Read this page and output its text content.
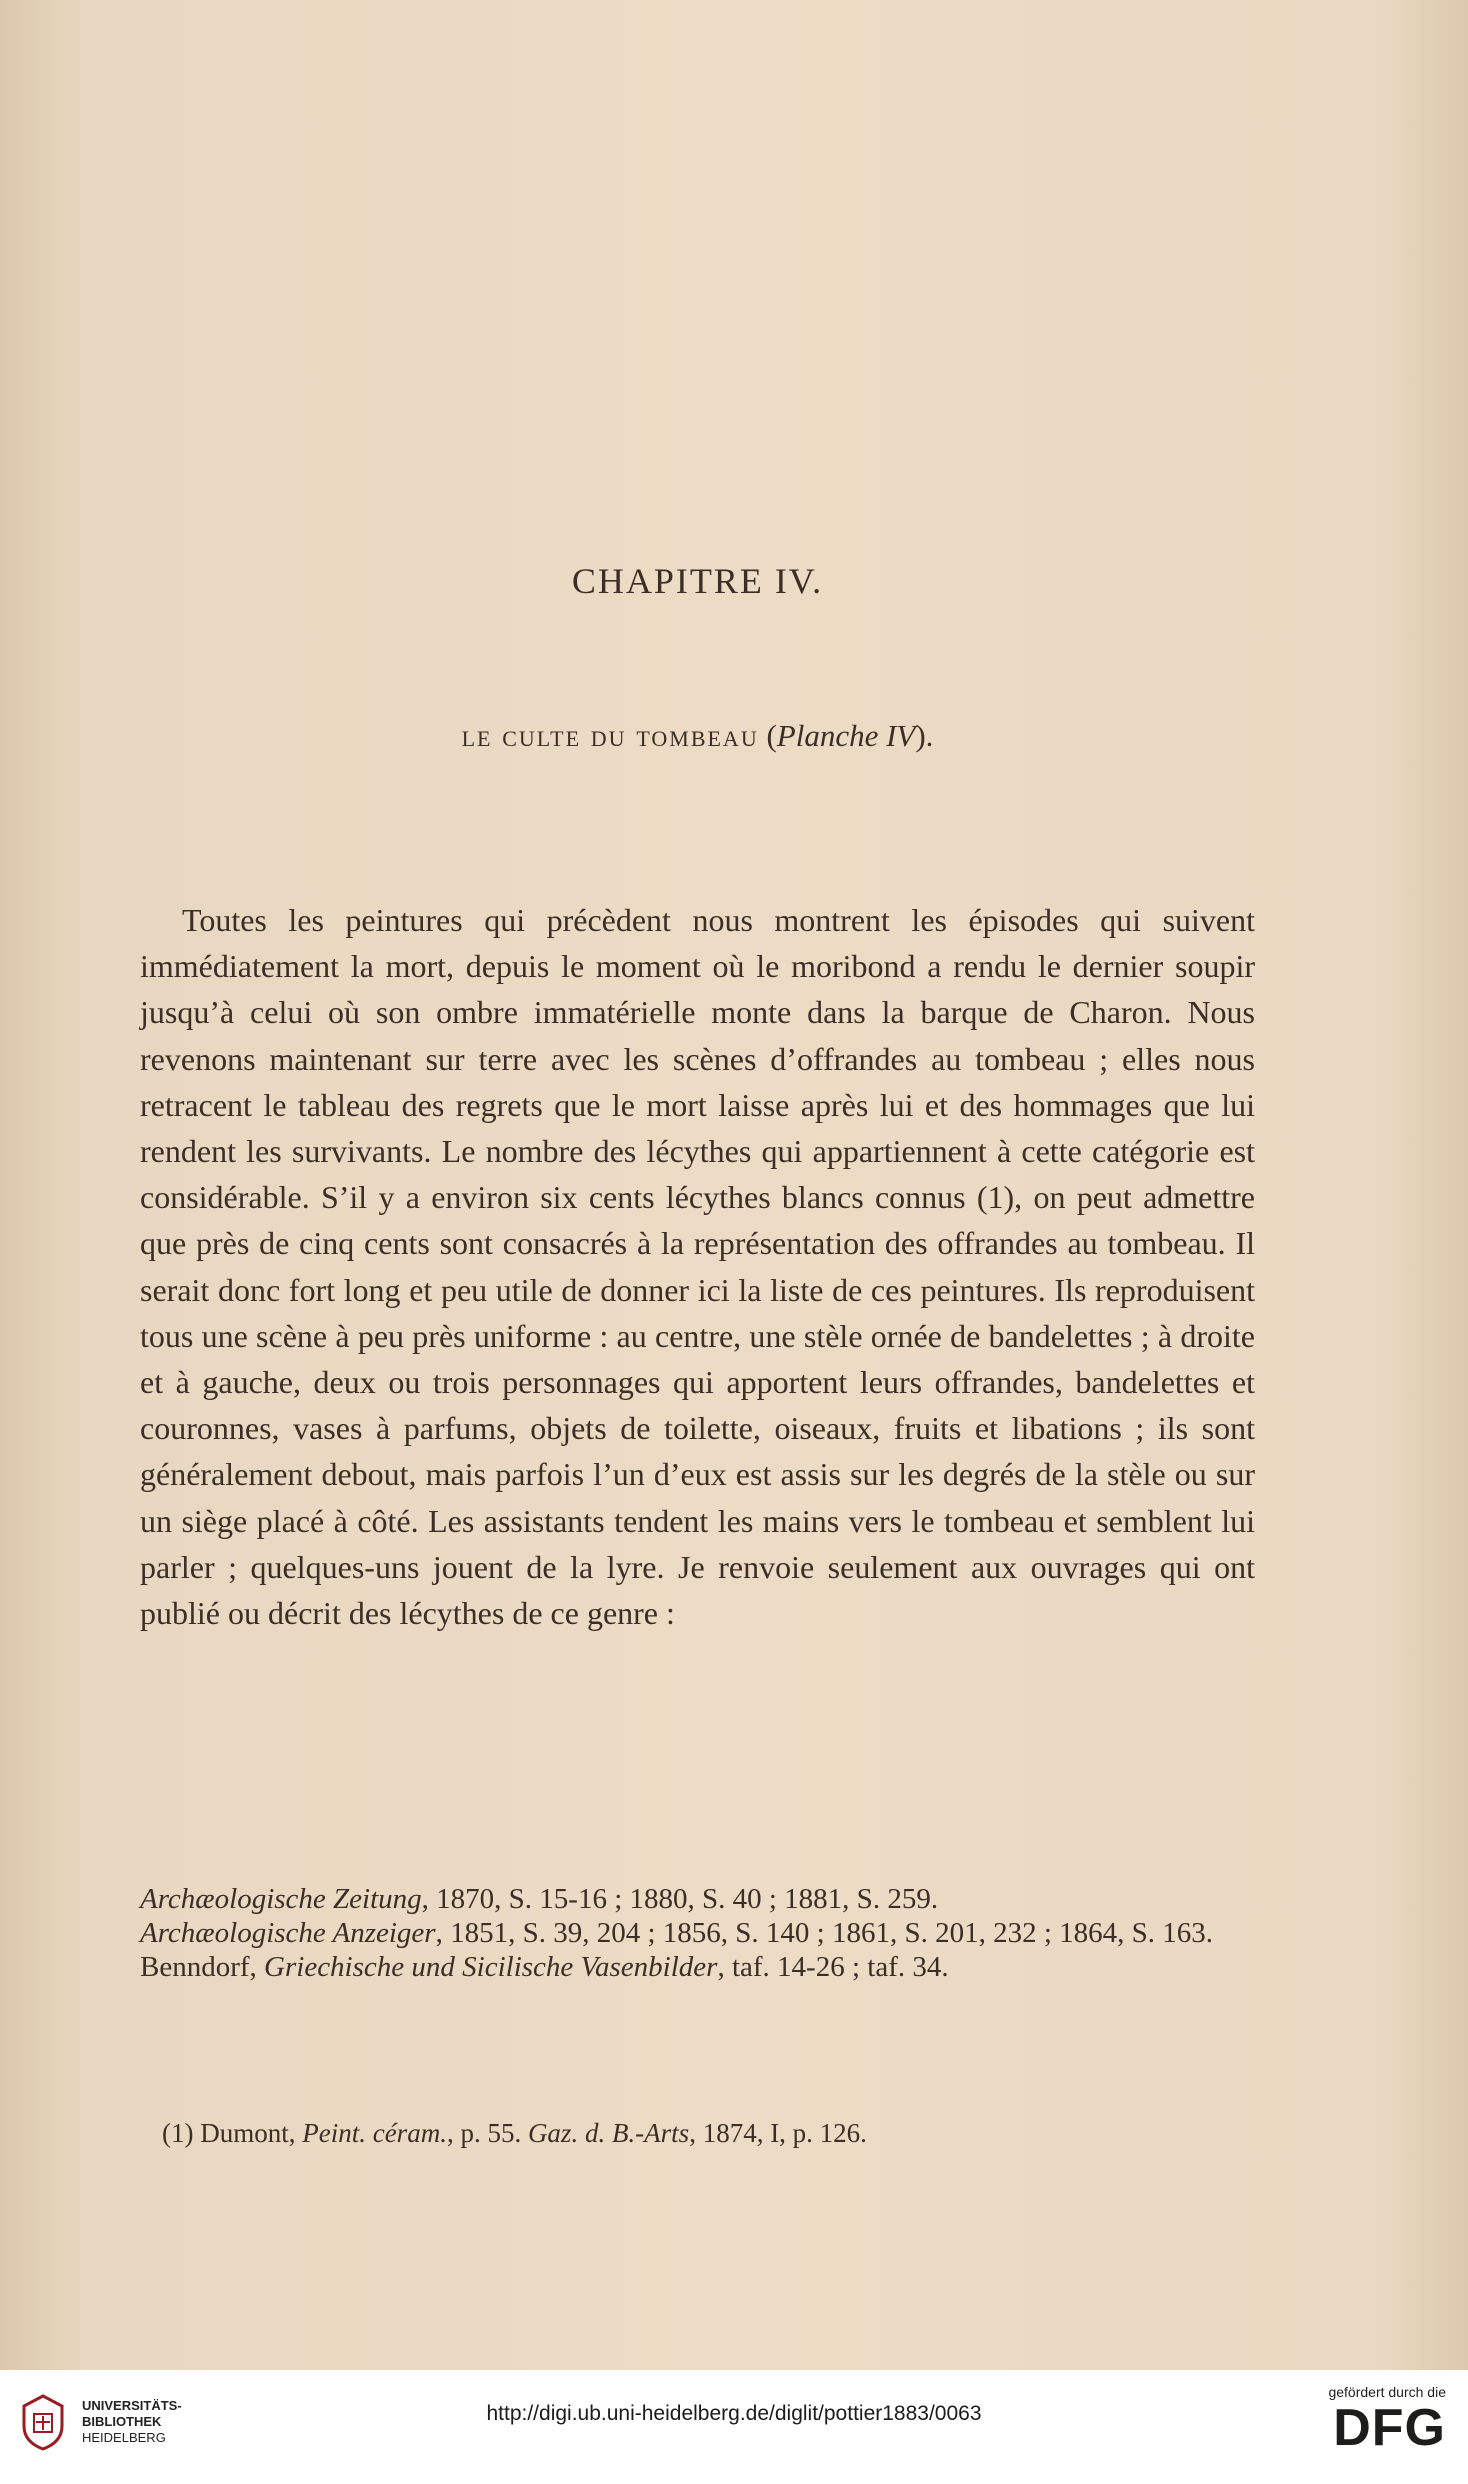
CHAPITRE IV.
le culte du tombeau (Planche IV).

Toutes les peintures qui précèdent nous montrent les épisodes qui suivent immédiatement la mort, depuis le moment où le moribond a rendu le dernier soupir jusqu’à celui où son ombre immatérielle monte dans la barque de Charon. Nous revenons maintenant sur terre avec les scènes d’offrandes au tombeau ; elles nous retracent le tableau des regrets que le mort laisse après lui et des hommages que lui rendent les survivants. Le nombre des lécythes qui appartiennent à cette catégorie est considérable. S’il y a environ six cents lécythes blancs connus (1), on peut admettre que près de cinq cents sont consacrés à la représentation des offrandes au tombeau. Il serait donc fort long et peu utile de donner ici la liste de ces peintures. Ils reproduisent tous une scène à peu près uniforme : au centre, une stèle ornée de bandelettes ; à droite et à gauche, deux ou trois personnages qui apportent leurs offrandes, bandelettes et couronnes, vases à parfums, objets de toilette, oiseaux, fruits et libations ; ils sont généralement debout, mais parfois l’un d’eux est assis sur les degrés de la stèle ou sur un siège placé à côté. Les assistants tendent les mains vers le tombeau et semblent lui parler ; quelques-uns jouent de la lyre. Je renvoie seulement aux ouvrages qui ont publié ou décrit des lécythes de ce genre :

Archæologische Zeitung, 1870, S. 15-16 ; 1880, S. 40 ; 1881, S. 259.

Archæologische Anzeiger, 1851, S. 39, 204 ; 1856, S. 140 ; 1861, S. 201, 232 ; 1864, S. 163.

Benndorf, Griechische und Sicilische Vasenbilder, taf. 14-26 ; taf. 34.

(1) Dumont, Peint. céram., p. 55. Gaz. d. B.-Arts, 1874, I, p. 126.
UNIVERSITÄTS-
BIBLIOTHEK
HEIDELBERG
http://digi.ub.uni-heidelberg.de/diglit/pottier1883/0063
gefördert durch die
DFG
